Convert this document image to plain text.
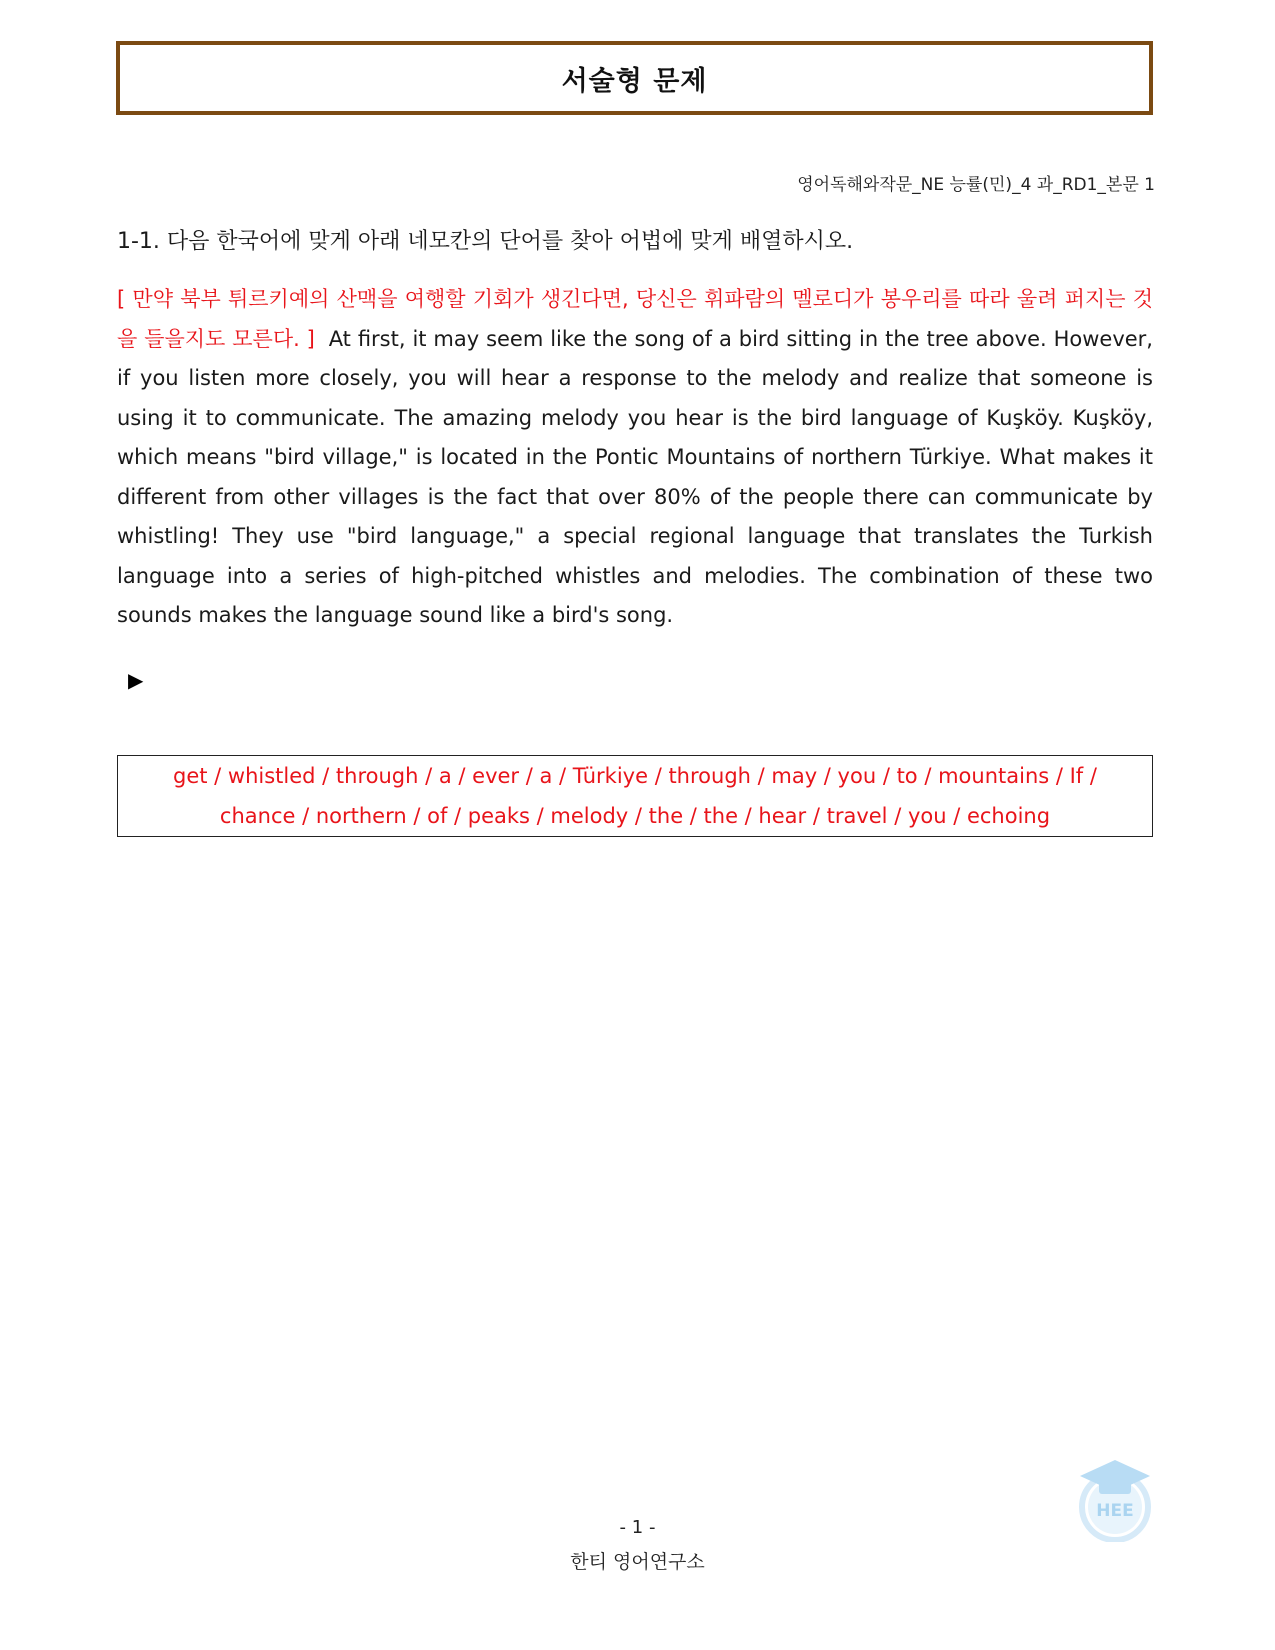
서술형 문제
영어독해와작문_NE 능률(민)_4 과_RD1_본문 1
1-1. 다음 한국어에 맞게 아래 네모칸의 단어를 찾아 어법에 맞게 배열하시오.
[ 만약 북부 튀르키예의 산맥을 여행할 기회가 생긴다면, 당신은 휘파람의 멜로디가 봉우리를 따라 울려 퍼지는 것을 들을지도 모른다. ] At first, it may seem like the song of a bird sitting in the tree above. However, if you listen more closely, you will hear a response to the melody and realize that someone is using it to communicate. The amazing melody you hear is the bird language of Kuşköy. Kuşköy, which means "bird village," is located in the Pontic Mountains of northern Türkiye. What makes it different from other villages is the fact that over 80% of the people there can communicate by whistling! They use "bird language," a special regional language that translates the Turkish language into a series of high-pitched whistles and melodies. The combination of these two sounds makes the language sound like a bird's song.
▶
get / whistled / through / a / ever / a / Türkiye / through / may / you / to / mountains / If / chance / northern / of / peaks / melody / the / the / hear / travel / you / echoing
- 1 -
한티 영어연구소
HEE
